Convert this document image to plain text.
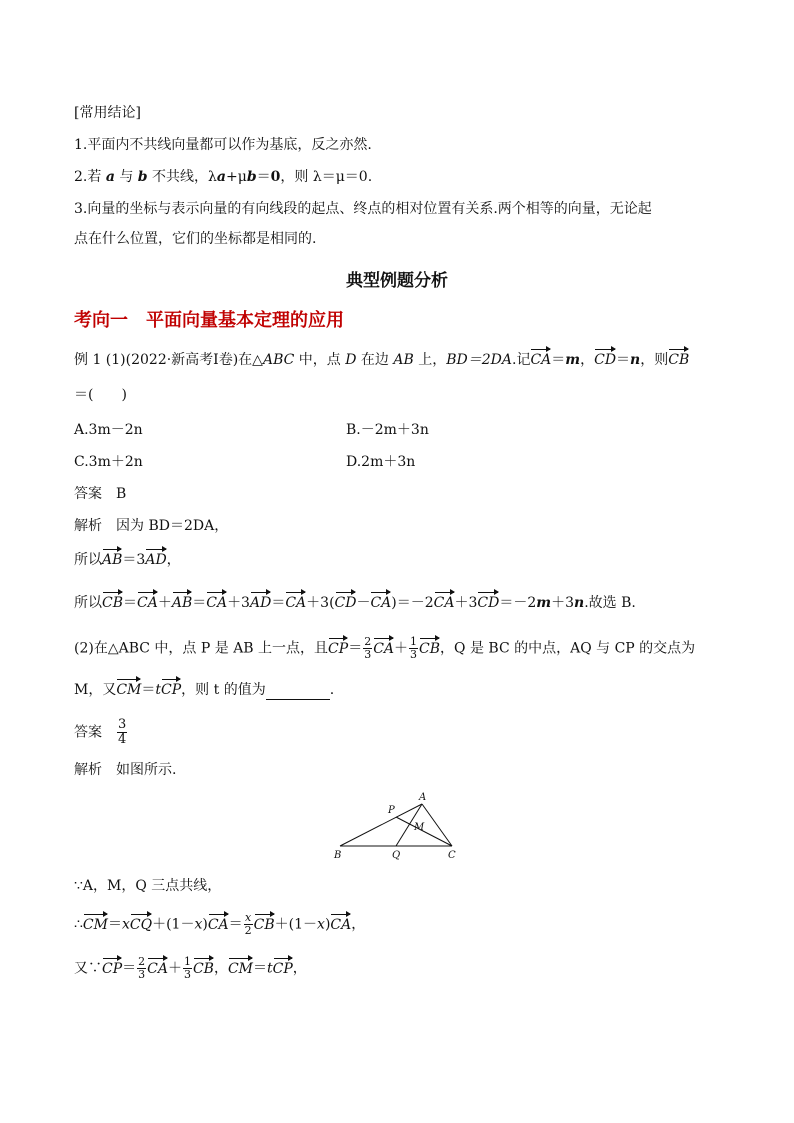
[常用结论]
1.平面内不共线向量都可以作为基底，反之亦然.
2.若 a 与 b 不共线，λa+μb＝0，则 λ＝μ＝0.
3.向量的坐标与表示向量的有向线段的起点、终点的相对位置有关系.两个相等的向量，无论起
点在什么位置，它们的坐标都是相同的.
典型例题分析
考向一　平面向量基本定理的应用
例 1 (1)(2022·新高考Ⅰ卷)在△ABC 中，点 D 在边 AB 上，BD＝2DA.记CA＝m，CD＝n，则CB
＝(　　)
A.3m－2n	B.－2m＋3n
C.3m＋2n	D.2m＋3n
答案　 B
解析　 因为 BD＝2DA，
所以AB＝3AD，
所以CB＝CA＋AB＝CA＋3AD＝CA＋3(CD－CA)＝－2CA＋3CD＝－2m＋3n.故选 B.
(2)在△ABC 中，点 P 是 AB 上一点，且$CP= \frac{2}{3} CA+ \frac{1}{3}$ CB，Q 是 BC 的中点，AQ 与 CP 的交点为
M，又CM＝tCP，则 t 的值为	.
答案　 $\frac{3}{4}$
解析　 如图所示.
A
B	C
P
Q
M
∵A，M，Q 三点共线，
∴CM＝xCQ＋(1－x)CA＝ $\frac{x}{2} CB+(1-x)CA$，
又∵CP＝ $\frac{2}{3} CA+ \frac{1}{3}$ CB，CM＝tCP，
